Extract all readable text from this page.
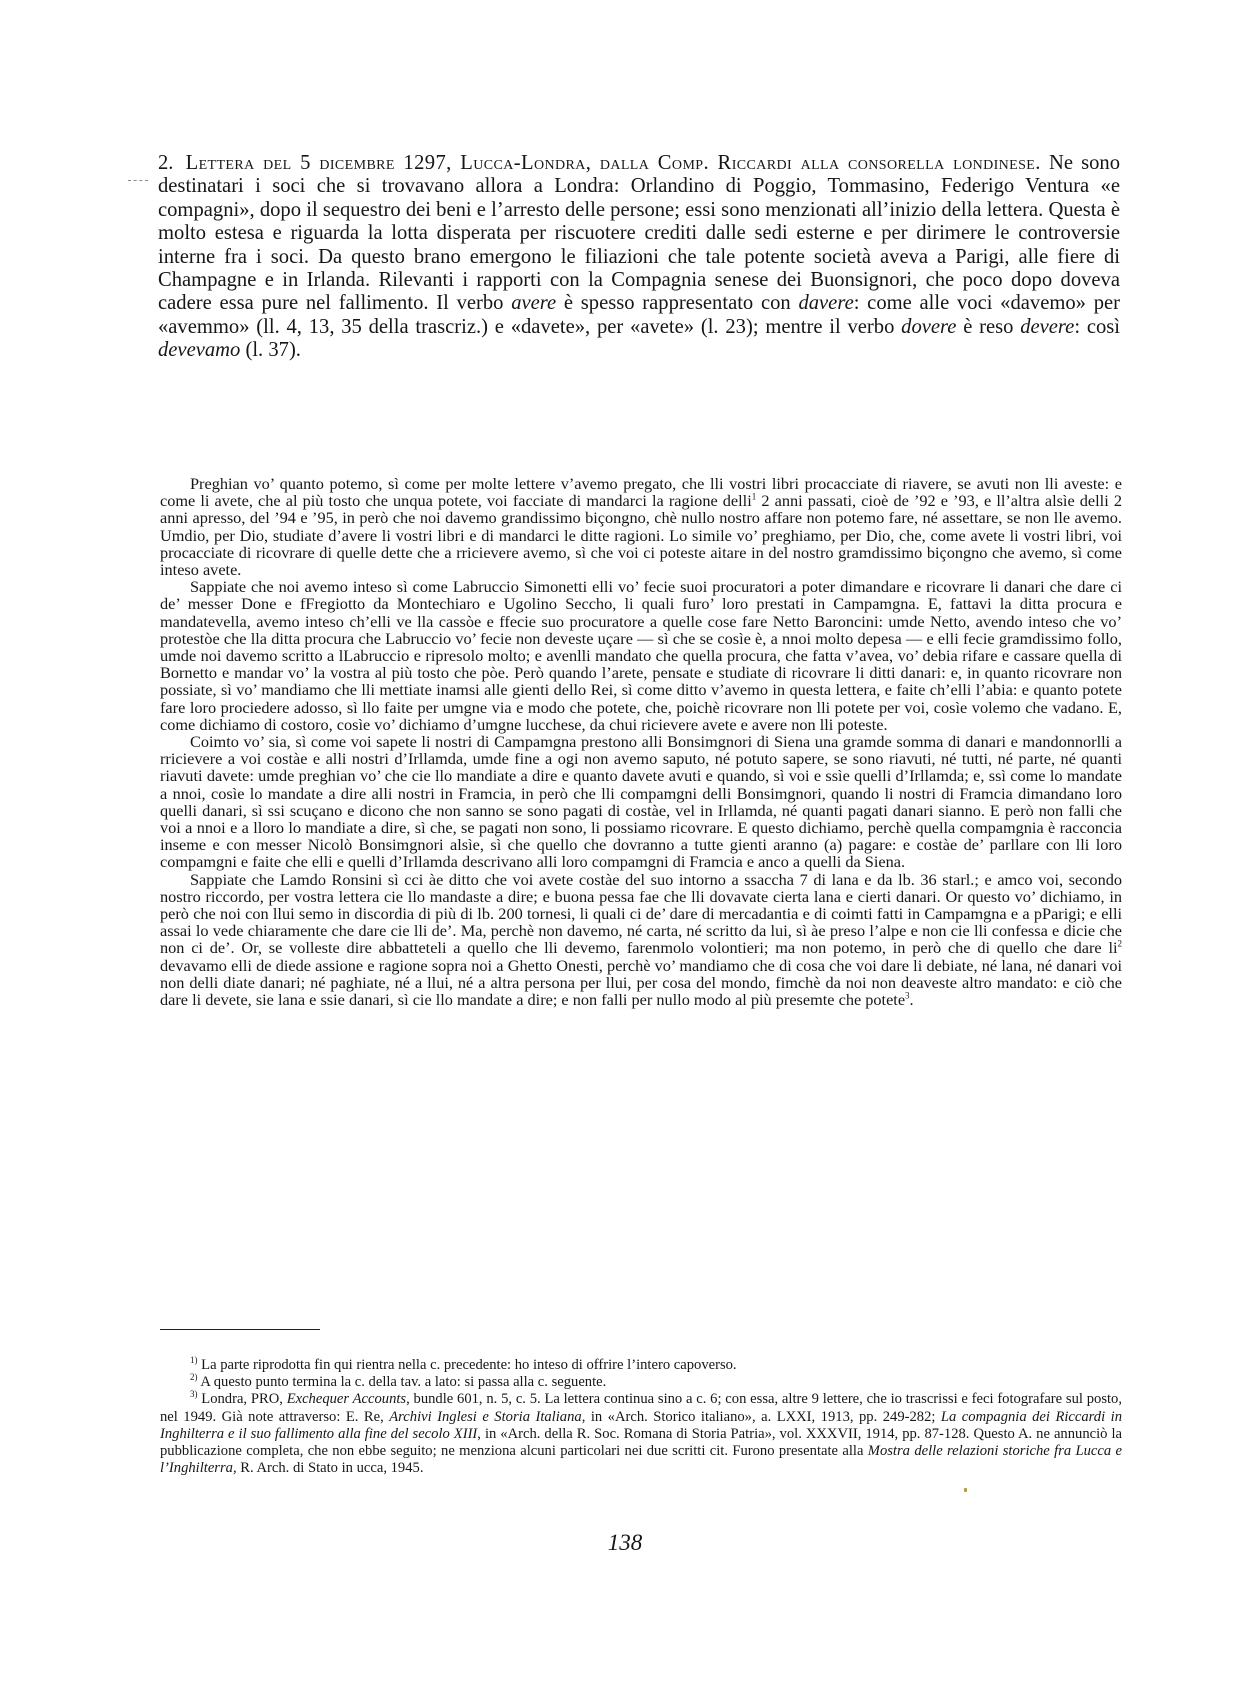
2. Lettera del 5 dicembre 1297, Lucca-Londra, dalla Comp. Riccardi alla consorella londinese. Ne sono destinatari i soci che si trovavano allora a Londra: Orlandino di Poggio, Tommasino, Federigo Ventura «e compagni», dopo il sequestro dei beni e l’arresto delle persone; essi sono menzionati all’inizio della lettera. Questa è molto estesa e riguarda la lotta disperata per riscuotere crediti dalle sedi esterne e per dirimere le controversie interne fra i soci. Da questo brano emergono le filiazioni che tale potente società aveva a Parigi, alle fiere di Champagne e in Irlanda. Rilevanti i rapporti con la Compagnia senese dei Buonsignori, che poco dopo doveva cadere essa pure nel fallimento. Il verbo avere è spesso rappresentato con davere: come alle voci «davemo» per «avemmo» (ll. 4, 13, 35 della trascriz.) e «davete», per «avete» (l. 23); mentre il verbo dovere è reso devere: così devevamo (l. 37).

Preghian vo’ quanto potemo, sì come per molte lettere v’avemo pregato, che lli vostri libri procacciate di riavere, se avuti non lli aveste: e come li avete, che al più tosto che unqua potete, voi facciate di mandarci la ragione delli$^1$ 2 anni passati, cioè de ’92 e ’93, e ll’altra alsìe delli 2 anni apresso, del ’94 e ’95, in però che noi davemo grandissimo biçongno, chè nullo nostro affare non potemo fare, né assettare, se non lle avemo. Umdio, per Dio, studiate d’avere li vostri libri e di mandarci le ditte ragioni. Lo simile vo’ preghiamo, per Dio, che, come avete li vostri libri, voi procacciate di ricovrare di quelle dette che a rricievere avemo, sì che voi ci poteste aitare in del nostro gramdissimo biçongno che avemo, sì come inteso avete.

Sappiate che noi avemo inteso sì come Labruccio Simonetti elli vo’ fecie suoi procuratori a poter dimandare e ricovrare li danari che dare ci de’ messer Done e fFregiotto da Montechiaro e Ugolino Secchо, li quali furo’ loro prestati in Campamgna. E, fattavi la ditta procura e mandatevella, avemo inteso ch’elli ve lla cassòe e ffecie suo procuratore a quelle cose fare Netto Baroncini: umde Netto, avendo inteso che vo’ protestòe che lla ditta procura che Labruccio vo’ fecie non deveste uçare — sì che se cosìe è, a nnoi molto depesa — e elli fecie gramdissimo follo, umde noi davemo scritto a lLabruccio e ripresolo molto; e avenlli mandato che quella procura, che fatta v’avea, vo’ debia rifare e cassare quella di Bornetto e mandar vo’ la vostra al più tosto che pòe. Però quando l’arete, pensate e studiate di ricovrare li ditti danari: e, in quanto ricovrare non possiate, sì vo’ mandiamo che lli mettiate inamsi alle gienti dello Rei, sì come ditto v’avemo in questa lettera, e faite ch’elli l’abia: e quanto potete fare loro prociedere adosso, sì llo faite per umgne via e modo che potete, che, poichè ricovrare non lli potete per voi, cosìe volemo che vadano. E, come dichiamo di costoro, cosìe vo’ dichiamo d’umgne lucchese, da chui ricievere avete e avere non lli poteste.

Coimto vo’ sia, sì come voi sapete li nostri di Campamgna prestono alli Bonsimgnori di Siena una gramde somma di danari e mandonnorlli a rricievere a voi costàe e alli nostri d’Irllamda, umde fine a ogi non avemo saputo, né potuto sapere, se sono riavuti, né tutti, né parte, né quanti riavuti davete: umde preghian vo’ che cie llo mandiate a dire e quanto davete avuti e quando, sì voi e ssìe quelli d’Irllamda; e, ssì come lo mandate a nnoi, cosìe lo mandate a dire alli nostri in Framcia, in però che lli compamgni delli Bonsimgnori, quando li nostri di Framcia dimandano loro quelli danari, sì ssi scuçano e dicono che non sanno se sono pagati di costàe, vel in Irllamda, né quanti pagati danari sianno. E però non falli che voi a nnoi e a llоro lo mandiate a dire, sì che, se pagati non sono, li possiamo ricovrare. E questo dichiamo, perchè quella compamgnia è racconcia inseme e con messer Nicolò Bonsimgnori alsìe, sì che quello che dovranno a tutte gienti aranno (a) pagare: e costàe de’ parllare con lli loro compamgni e faite che elli e quelli d’Irllamda descrivano alli loro compamgni di Framcia e anco a quelli da Siena.

Sappiate che Lamdo Ronsini sì cci àe ditto che voi avete costàe del suo intorno a ssaccha 7 di lana e da lb. 36 starl.; e amco voi, secondo nostro riccordo, per vostra lettera cie llo mandaste a dire; e buona pessa fae che lli dovavate cierta lana e cierti danari. Or questo vo’ dichiamo, in però che noi con llui semo in discordia di più di lb. 200 tornesi, li quali ci de’ dare di mercadantia e di coimti fatti in Campamgna e a pParigi; e elli assai lo vede chiaramente che dare cie lli de’. Ma, perchè non davemo, né carta, né scritto da lui, sì àe preso l’alpe e non cie lli confessa e dicie che non ci de’. Or, se volleste dire abbatteteli a quello che lli devemo, farenmolo volontieri; ma non potemo, in però che di quello che dare $li^2$ devavamo elli de diede assione e ragione sopra noi a Ghetto Onesti, perchè vo’ mandiamo che di cosa che voi dare li debiate, né lana, né danari voi non delli diate danari; né paghiate, né a llui, né a altra persona per llui, per cosa del mondo, fimchè da noi non deaveste altro mandato: e ciò che dare li devete, sie lana e ssie danari, sì cie llo mandate a dire; e non falli per nullo modo al più presemte che potete$^3$.

$^{1)}$ La parte riprodotta fin qui rientra nella c. precedente: ho inteso di offrire l’intero capoverso.

$^{2)}$ A questo punto termina la c. della tav. a lato: si passa alla c. seguente.

$^{3)}$ Londra, PRO, Exchequer Accounts, bundle 601, n. 5, c. 5. La lettera continua sino a c. 6; con essa, altre 9 lettere, che io trascrissi e feci fotografare sul posto, nel 1949. Già note attraverso: E. Re, Archivi Inglesi e Storia Italiana, in «Arch. Storico italiano», a. LXXI, 1913, pp. 249-282; La compagnia dei Riccardi in Inghilterra e il suo fallimento alla fine del secolo XIII, in «Arch. della R. Soc. Romana di Storia Patria», vol. XXXVII, 1914, pp. 87-128. Questo A. ne annunciò la pubblicazione completa, che non ebbe seguito; ne menziona alcuni particolari nei due scritti cit. Furono presentate alla Mostra delle relazioni storiche fra Lucca e l’Inghilterra, R. Arch. di Stato in ucca, 1945.

138
